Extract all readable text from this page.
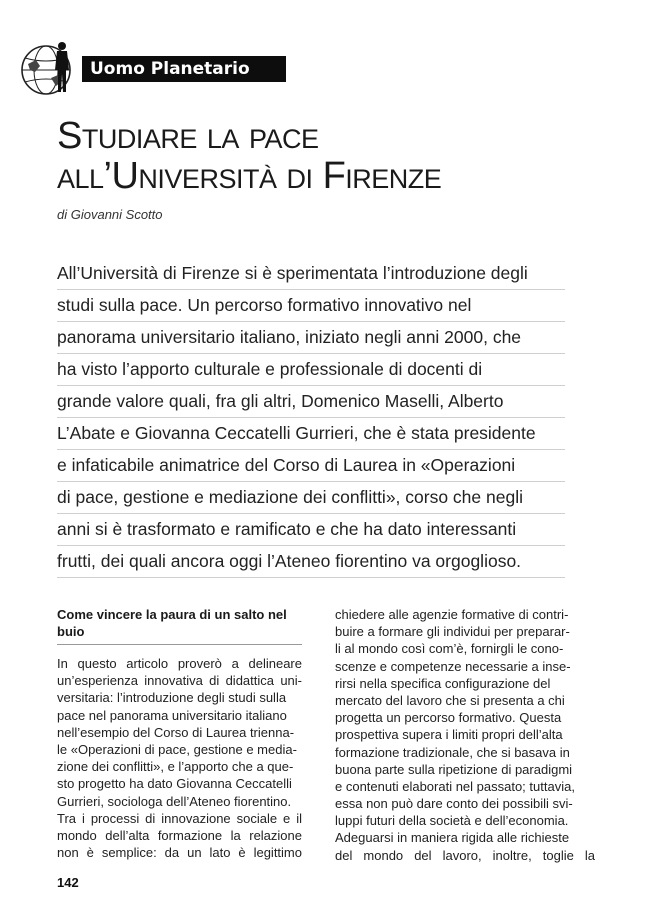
Uomo Planetario
Studiare la pace
all’Università di Firenze
di Giovanni Scotto
All’Università di Firenze si è sperimentata l’introduzione degli
studi sulla pace. Un percorso formativo innovativo nel
panorama universitario italiano, iniziato negli anni 2000, che
ha visto l’apporto culturale e professionale di docenti di
grande valore quali, fra gli altri, Domenico Maselli, Alberto
L’Abate e Giovanna Ceccatelli Gurrieri, che è stata presidente
e infaticabile animatrice del Corso di Laurea in «Operazioni
di pace, gestione e mediazione dei conflitti», corso che negli
anni si è trasformato e ramificato e che ha dato interessanti
frutti, dei quali ancora oggi l’Ateneo fiorentino va orgoglioso.
Come vincere la paura di un salto nel
buio
In questo articolo proverò a delineare
un’esperienza innovativa di didattica uni-
versitaria: l’introduzione degli studi sulla
pace nel panorama universitario italiano
nell’esempio del Corso di Laurea trienna-
le «Operazioni di pace, gestione e media-
zione dei conflitti», e l’apporto che a que-
sto progetto ha dato Giovanna Ceccatelli
Gurrieri, sociologa dell’Ateneo fiorentino.
Tra i processi di innovazione sociale e il
mondo dell’alta formazione la relazione
non è semplice: da un lato è legittimo
chiedere alle agenzie formative di contri-
buire a formare gli individui per preparar-
li al mondo così com’è, fornirgli le cono-
scenze e competenze necessarie a inse-
rirsi nella specifica configurazione del
mercato del lavoro che si presenta a chi
progetta un percorso formativo. Questa
prospettiva supera i limiti propri dell’alta
formazione tradizionale, che si basava in
buona parte sulla ripetizione di paradigmi
e contenuti elaborati nel passato; tuttavia,
essa non può dare conto dei possibili svi-
luppi futuri della società e dell’economia.
Adeguarsi in maniera rigida alle richieste
del mondo del lavoro, inoltre, toglie la
142
